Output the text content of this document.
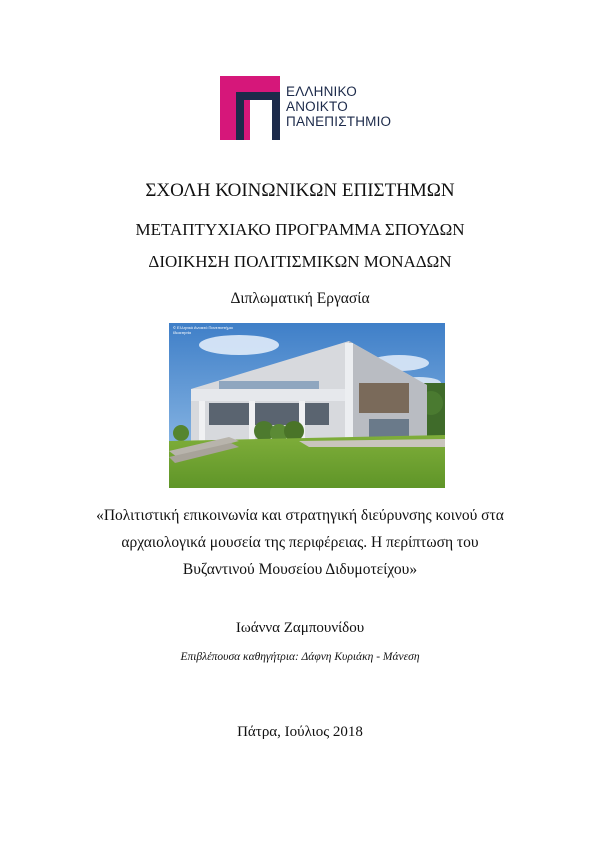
ΕΛΛΗΝΙΚΟ
ΑΝΟΙΚΤΟ
ΠΑΝΕΠΙΣΤΗΜΙΟ
ΣΧΟΛΗ ΚΟΙΝΩΝΙΚΩΝ ΕΠΙΣΤΗΜΩΝ
ΜΕΤΑΠΤΥΧΙΑΚΟ ΠΡΟΓΡΑΜΜΑ ΣΠΟΥΔΩΝ
ΔΙΟΙΚΗΣΗ ΠΟΛΙΤΙΣΜΙΚΩΝ ΜΟΝΑΔΩΝ
Διπλωματική Εργασία
© Ελληνικό Ανοικτό Πανεπιστήμιο
Ιδιοκτησία
«Πολιτιστική επικοινωνία και στρατηγική διεύρυνσης κοινού στα
αρχαιολογικά μουσεία της περιφέρειας. Η περίπτωση του
Βυζαντινού Μουσείου Διδυμοτείχου»
Ιωάννα Ζαμπουνίδου
Επιβλέπουσα καθηγήτρια: Δάφνη Κυριάκη - Μάνεση
Πάτρα, Ιούλιος 2018
